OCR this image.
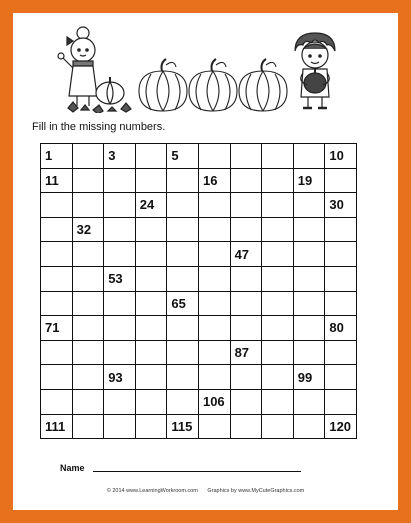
Fill in the missing numbers.
1		3		5					10
11					16			19	
			24						30
	32								
						47			
		53							
				65					
71									80
						87			
		93						99	
					106				
111				115					120
Name
© 2014 www.LearningWorkroom.com Graphics by www.MyCuteGraphics.com
